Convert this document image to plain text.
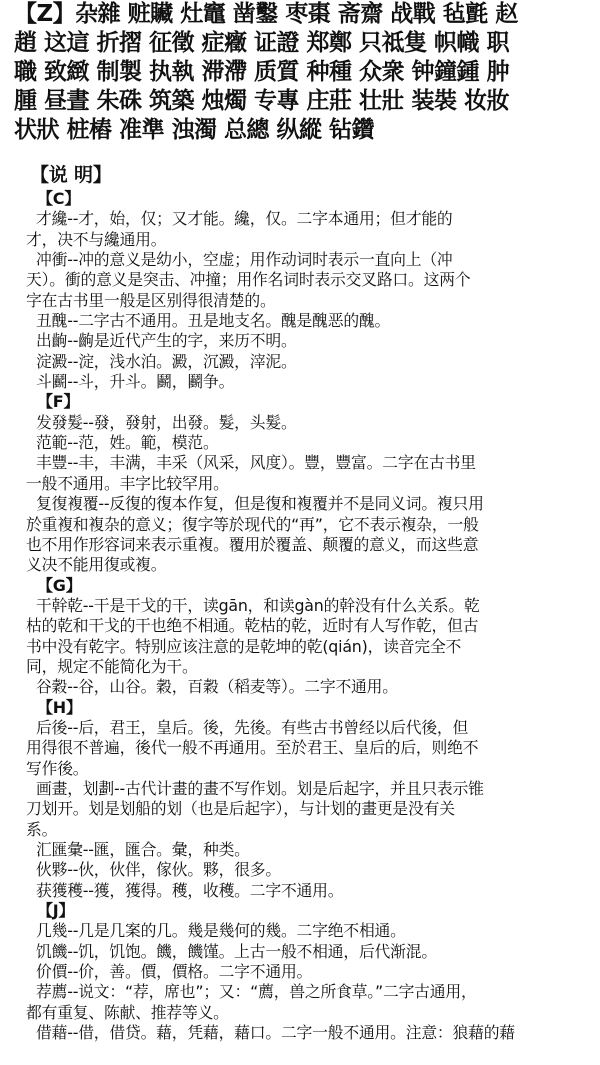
【Z】杂雜 赃贜 灶竈 凿鑿 枣棗 斋齋 战戰 毡氈 赵
趙 这這 折摺 征徵 症癥 证證 郑鄭 只祗隻 帜幟 职
職 致緻 制製 执執 滞滯 质質 种種 众衆 钟鐘鍾 肿
腫 昼晝 朱硃 筑築 烛燭 专專 庄莊 壮壯 装裝 妆妝
状狀 桩樁 准準 浊濁 总總 纵縱 钻鑽
【说 明】
【C】
才纔--才，始，仅；又才能。纔，仅。二字本通用；但才能的
才，决不与纔通用。
冲衝--冲的意义是幼小，空虚；用作动词时表示一直向上（冲
天）。衝的意义是突击、冲撞；用作名词时表示交叉路口。这两个
字在古书里一般是区别得很清楚的。
丑醜--二字古不通用。丑是地支名。醜是醜恶的醜。
出齣--齣是近代产生的字，来历不明。
淀澱--淀，浅水泊。澱，沉澱，滓泥。
斗鬬--斗，升斗。鬬，鬬争。
【F】
发發髮--發，發射，出發。髮，头髮。
范範--范，姓。範，模范。
丰豐--丰，丰满，丰采（风采，风度）。豐，豐富。二字在古书里
一般不通用。丰字比较罕用。
复復複覆--反復的復本作复，但是復和複覆并不是同义词。複只用
於重複和複杂的意义；復字等於现代的“再”，它不表示複杂，一般
也不用作形容词来表示重複。覆用於覆盖、颠覆的意义，而这些意
义决不能用復或複。
【G】
干幹乾--干是干戈的干，读gān，和读gàn的幹没有什么关系。乾
枯的乾和干戈的干也绝不相通。乾枯的乾，近时有人写作乾，但古
书中没有乾字。特别应该注意的是乾坤的乾(qián)，读音完全不
同，规定不能简化为干。
谷穀--谷，山谷。穀，百穀（稻麦等）。二字不通用。
【H】
后後--后，君王，皇后。後，先後。有些古书曾经以后代後，但
用得很不普遍，後代一般不再通用。至於君王、皇后的后，则绝不
写作後。
画畫，划劃--古代计畫的畫不写作划。划是后起字，并且只表示锥
刀划开。划是划船的划（也是后起字），与计划的畫更是没有关
系。
汇匯彙--匯，匯合。彙，种类。
伙夥--伙，伙伴，傢伙。夥，很多。
获獲穫--獲，獲得。穫，收穫。二字不通用。
【J】
几幾--几是几案的几。幾是幾何的幾。二字绝不相通。
饥饑--饥，饥饱。饑，饑馑。上古一般不相通，后代渐混。
价價--价，善。價，價格。二字不通用。
荐薦--说文：“荐，席也”；又：“薦，兽之所食草。”二字古通用，
都有重复、陈献、推荐等义。
借藉--借，借贷。藉，凭藉，藉口。二字一般不通用。注意：狼藉的藉
